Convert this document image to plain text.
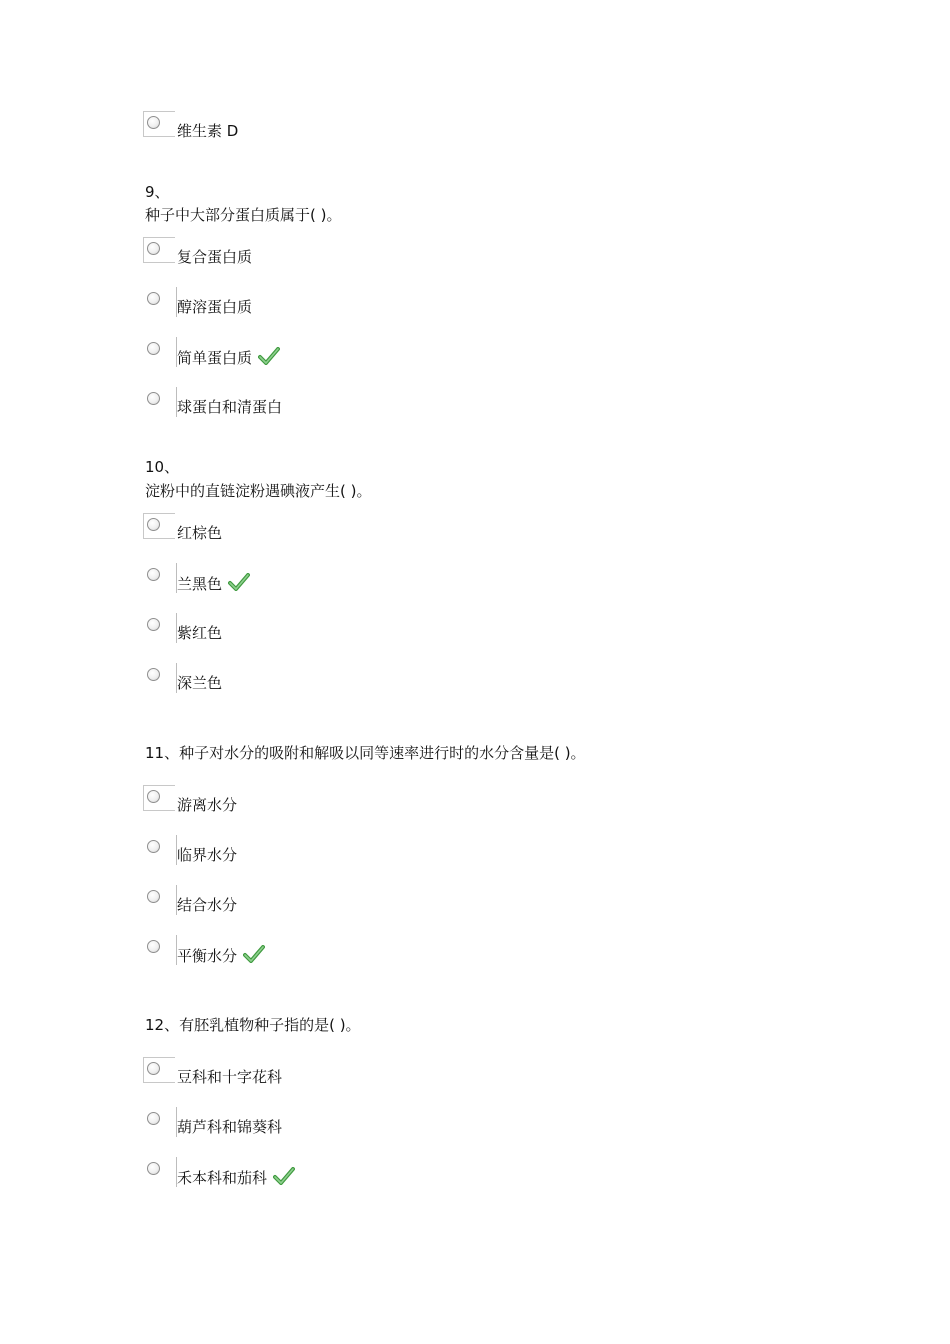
维生素 D
9、
种子中大部分蛋白质属于( )。
复合蛋白质
醇溶蛋白质
简单蛋白质
球蛋白和清蛋白
10、
淀粉中的直链淀粉遇碘液产生( )。
红棕色
兰黑色
紫红色
深兰色
11、种子对水分的吸附和解吸以同等速率进行时的水分含量是( )。
游离水分
临界水分
结合水分
平衡水分
12、有胚乳植物种子指的是( )。
豆科和十字花科
葫芦科和锦葵科
禾本科和茄科
